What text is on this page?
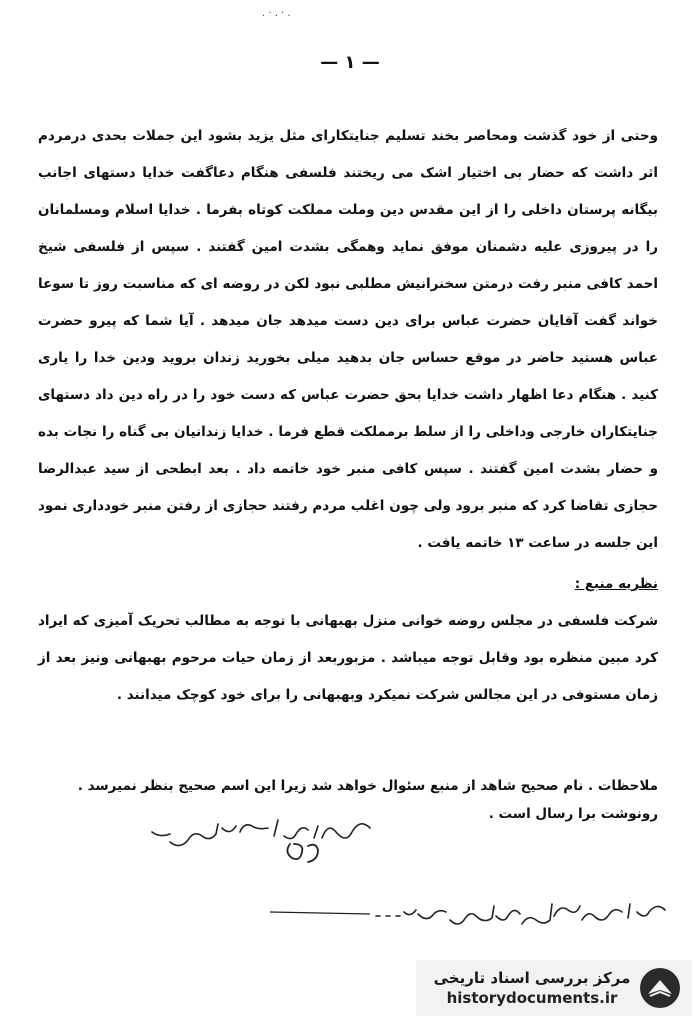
. · . · .
— ١ —

وحتی از خود گذشت ومحاصر بخند تسلیم جنایتکارای مثل یزید بشود این جملات بحدی درمردم اثر داشت که حضار بی اختیار اشک می ریختند فلسفی هنگام دعاگفت خدایا دستهای اجانب بیگانه پرستان داخلی را از این مقدس دین وملت مملکت کوتاه بفرما . خدایا اسلام ومسلمانان را در پیروزی علیه دشمنان موفق نماید وهمگی بشدت امین گفتند . سپس از فلسفی شیخ احمد کافی منبر رفت درمتن سخنرانیش مطلبی نبود لکن در روضه ای که مناسبت روز تا سوعا خواند گفت آقایان حضرت عباس برای دین دست میدهد جان میدهد . آیا شما که پیرو حضرت عباس هستید حاضر در موقع حساس جان بدهید میلی بخورید زندان بروید ودین خدا را یاری کنید . هنگام دعا اظهار داشت خدایا بحق حضرت عباس که دست خود را در راه دین داد دستهای جنایتکاران خارجی وداخلی را از سلط برمملکت قطع فرما . خدایا زندانیان بی گناه را نجات بده و حضار بشدت امین گفتند . سپس کافی منبر خود خاتمه داد . بعد ابطحی از سید عبدالرضا حجازی تقاضا کرد که منبر برود ولی چون اغلب مردم رفتند حجازی از رفتن منبر خودداری نمود این جلسه در ساعت ١٣ خاتمه یافت .

نظریه منبع :

شرکت فلسفی در مجلس روضه خوانی منزل بهبهانی با توجه به مطالب تحریک آمیزی که ایراد کرد مبین منظره بود وقابل توجه میباشد . مزبوربعد از زمان حیات مرحوم بهبهانی ونیز بعد از زمان مستوفی در این مجالس شرکت نمیکرد وبهبهانی را برای خود کوچک میدانند .

ملاحظات . نام صحیح شاهد از منبع سئوال خواهد شد زیرا این اسم صحیح بنظر نمیرسد .
رونوشت برا رسال است .
۶۸
مرکز بررسی اسناد تاریخی
historydocuments.ir
